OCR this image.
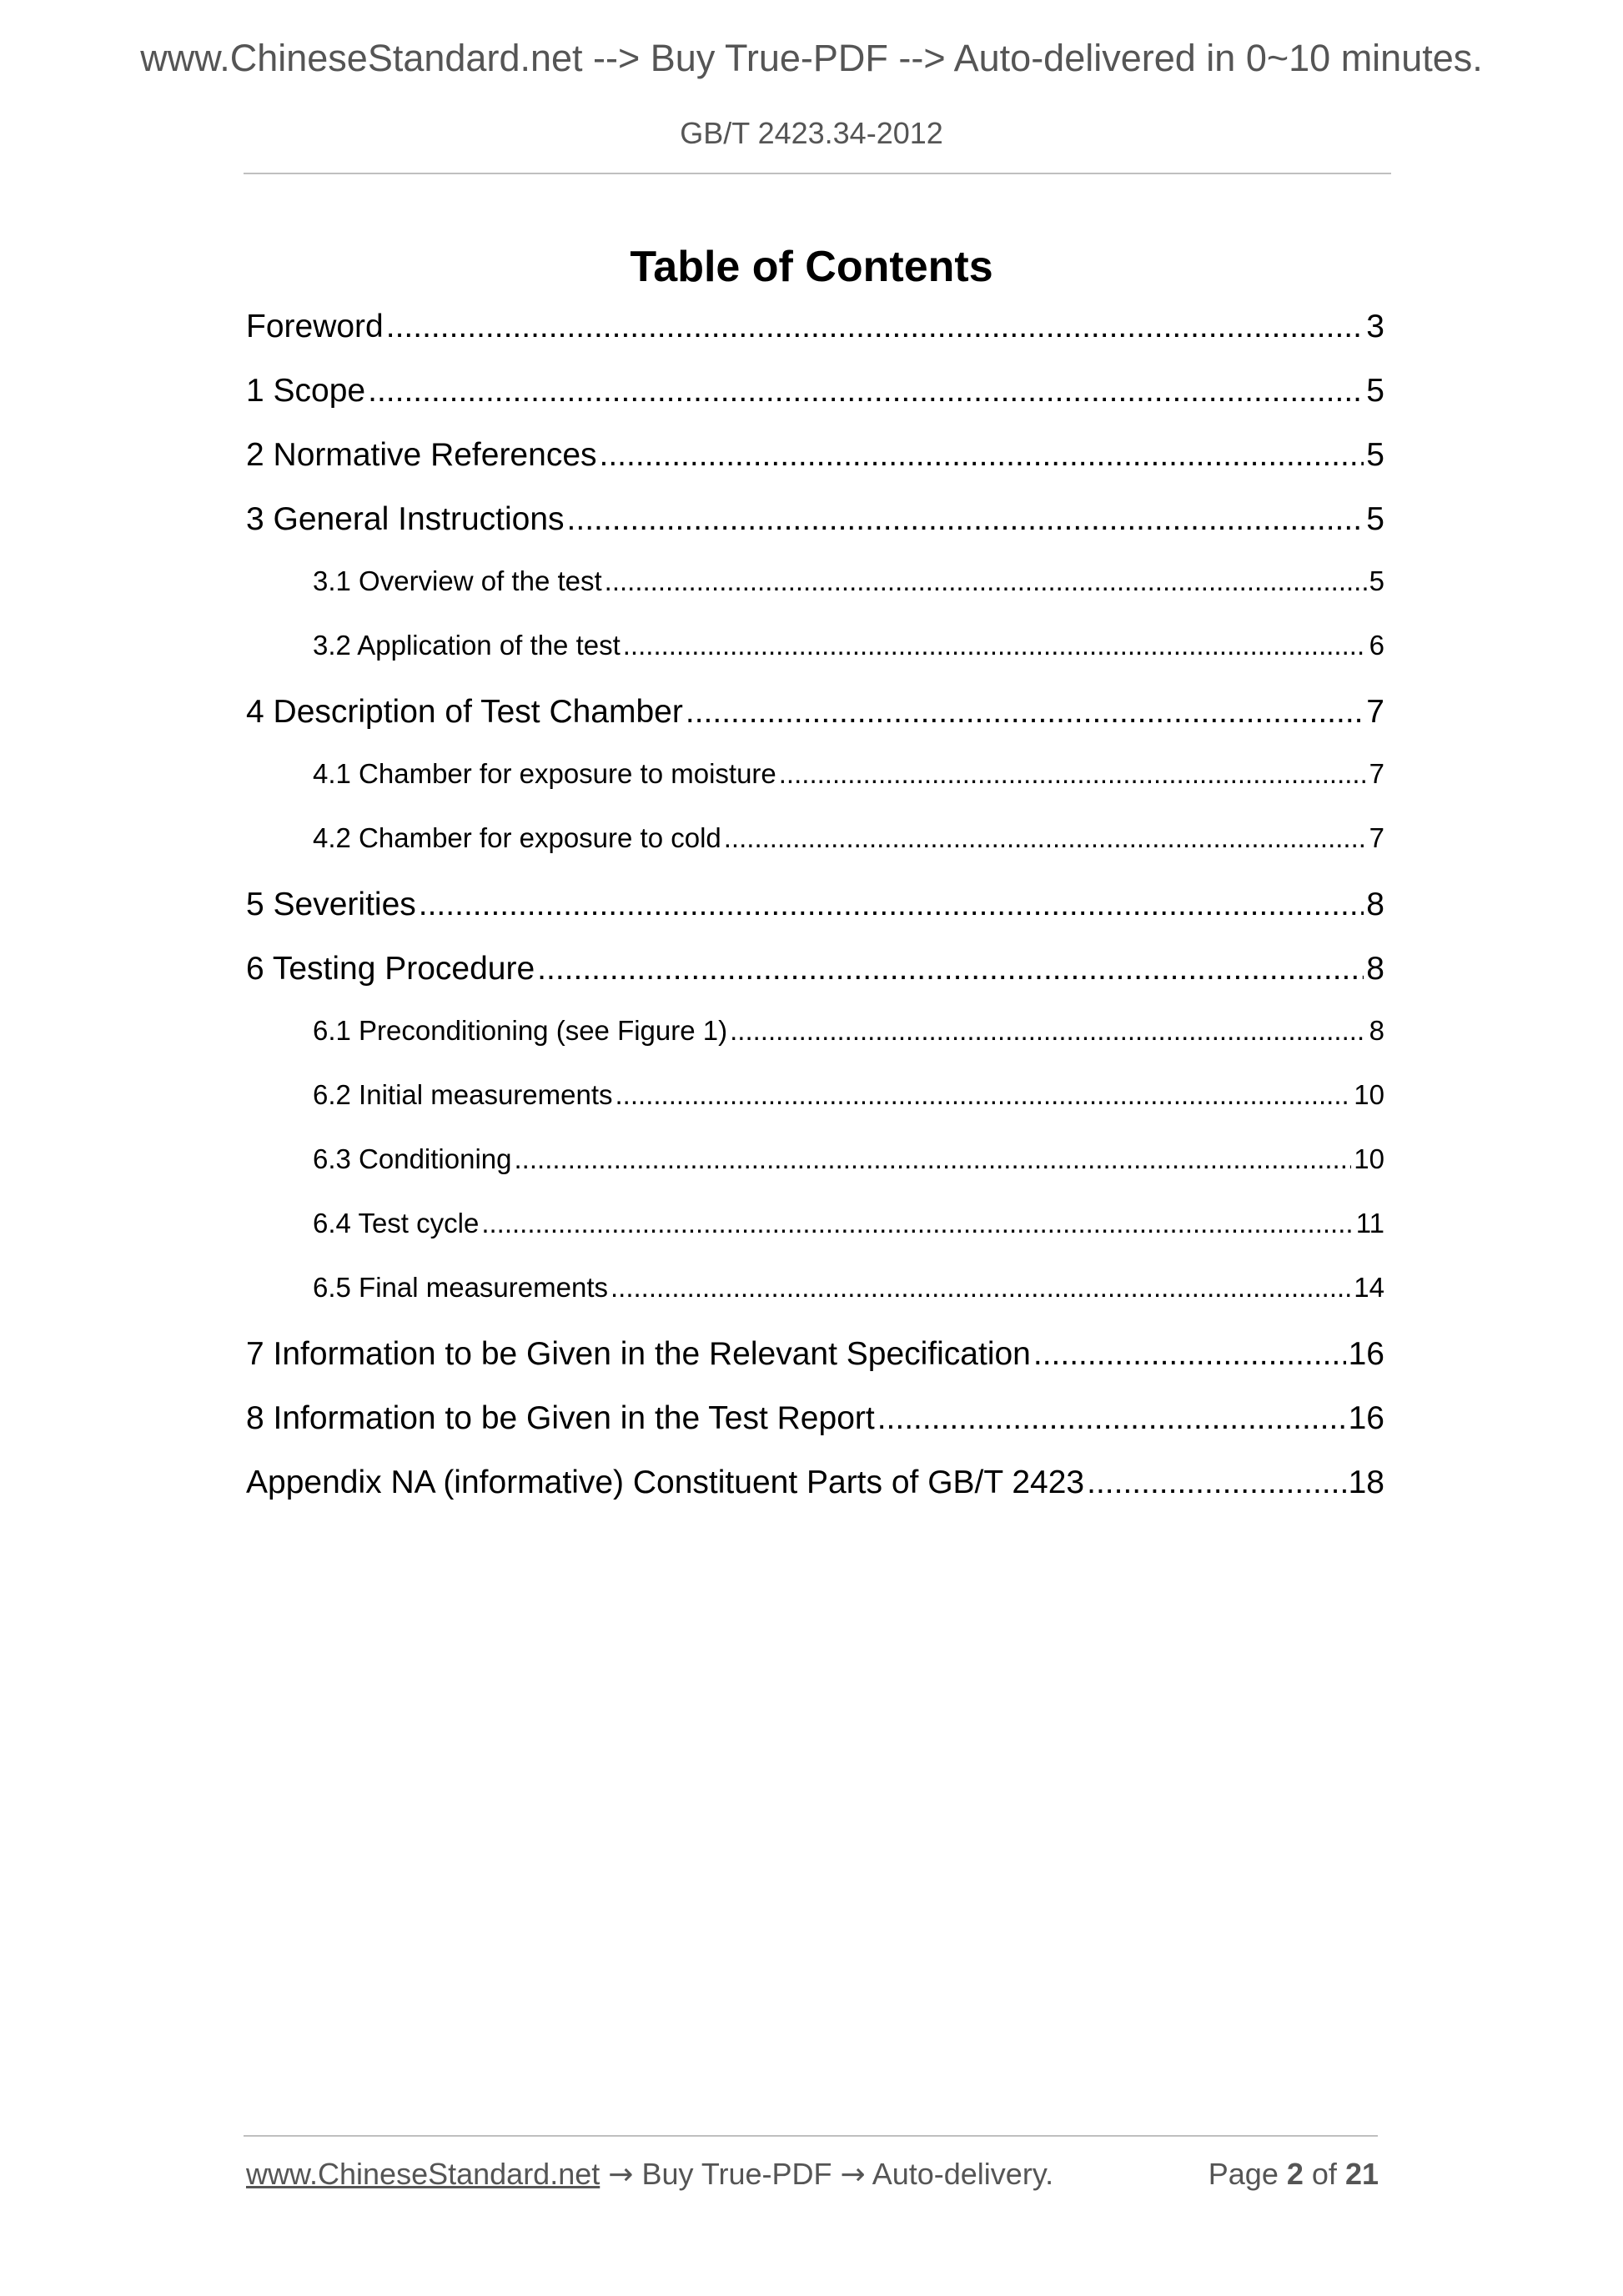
www.ChineseStandard.net --> Buy True-PDF --> Auto-delivered in 0~10 minutes.
GB/T 2423.34-2012
Table of Contents
Foreword .....	3
1 Scope .....	5
2 Normative References .....	5
3 General Instructions .....	5
3.1 Overview of the test .....	5
3.2 Application of the test .....	6
4 Description of Test Chamber .....	7
4.1 Chamber for exposure to moisture .....	7
4.2 Chamber for exposure to cold .....	7
5 Severities .....	8
6 Testing Procedure .....	8
6.1 Preconditioning (see Figure 1) .....	8
6.2 Initial measurements .....	10
6.3 Conditioning .....	10
6.4 Test cycle .....	11
6.5 Final measurements .....	14
7 Information to be Given in the Relevant Specification .....	16
8 Information to be Given in the Test Report .....	16
Appendix NA (informative) Constituent Parts of GB/T 2423 .....	18
www.ChineseStandard.net → Buy True-PDF → Auto-delivery.	Page 2 of 21
